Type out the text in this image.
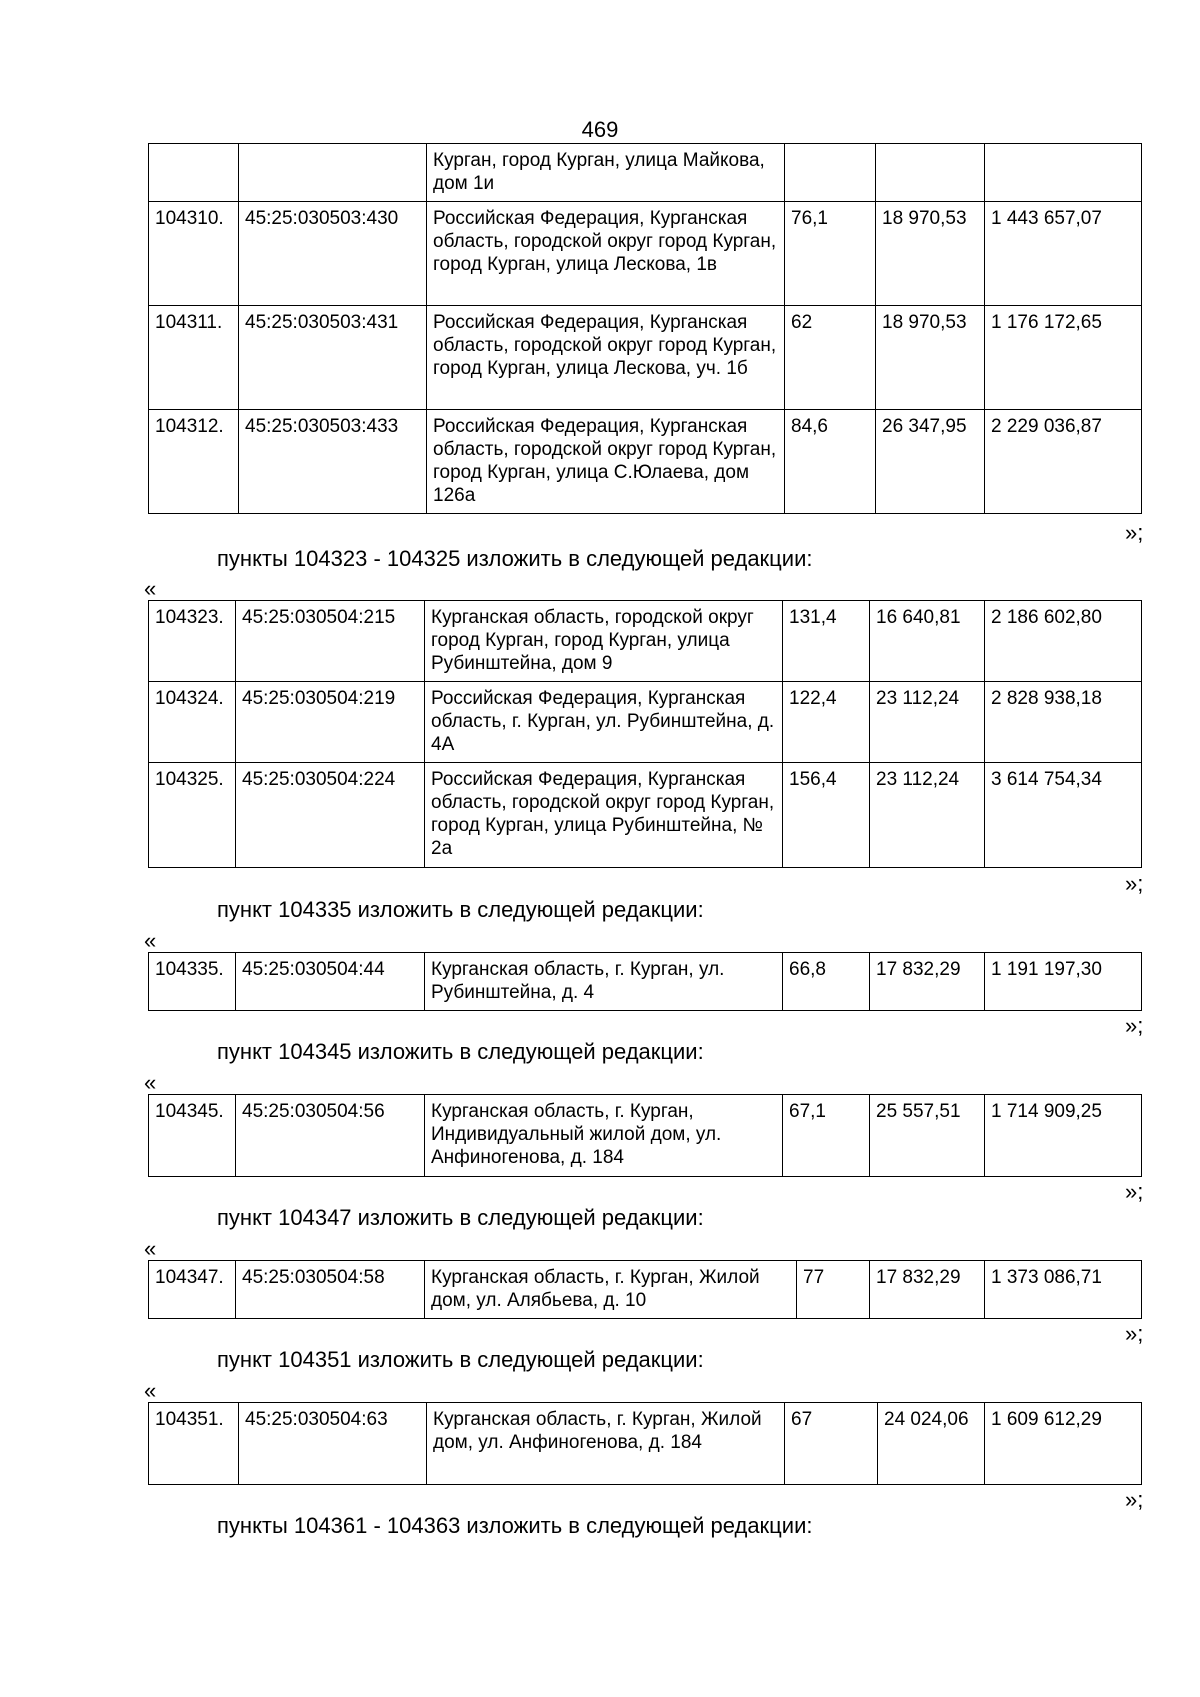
469
		Курган, город Курган, улица Майкова, дом 1и			
104310.	45:25:030503:430	Российская Федерация, Курганская область, городской округ город Курган, город Курган, улица Лескова, 1в	76,1	18 970,53	1 443 657,07
104311.	45:25:030503:431	Российская Федерация, Курганская область, городской округ город Курган, город Курган, улица Лескова, уч. 1б	62	18 970,53	1 176 172,65
104312.	45:25:030503:433	Российская Федерация, Курганская область, городской округ город Курган, город Курган, улица С.Юлаева, дом 126а	84,6	26 347,95	2 229 036,87
»;
пункты 104323 - 104325 изложить в следующей редакции:
«
104323.	45:25:030504:215	Курганская область, городской округ город Курган, город Курган, улица Рубинштейна, дом 9	131,4	16 640,81	2 186 602,80
104324.	45:25:030504:219	Российская Федерация, Курганская область, г. Курган, ул. Рубинштейна, д. 4А	122,4	23 112,24	2 828 938,18
104325.	45:25:030504:224	Российская Федерация, Курганская область, городской округ город Курган, город Курган, улица Рубинштейна, № 2а	156,4	23 112,24	3 614 754,34
»;
пункт 104335 изложить в следующей редакции:
«
104335.	45:25:030504:44	Курганская область, г. Курган, ул. Рубинштейна, д. 4	66,8	17 832,29	1 191 197,30
»;
пункт 104345 изложить в следующей редакции:
«
104345.	45:25:030504:56	Курганская область, г. Курган, Индивидуальный жилой дом, ул. Анфиногенова, д. 184	67,1	25 557,51	1 714 909,25
»;
пункт 104347 изложить в следующей редакции:
«
104347.	45:25:030504:58	Курганская область, г. Курган, Жилой дом, ул. Алябьева, д. 10	77	17 832,29	1 373 086,71
»;
пункт 104351 изложить в следующей редакции:
«
104351.	45:25:030504:63	Курганская область, г. Курган, Жилой дом, ул. Анфиногенова, д. 184	67	24 024,06	1 609 612,29
»;
пункты 104361 - 104363 изложить в следующей редакции:
